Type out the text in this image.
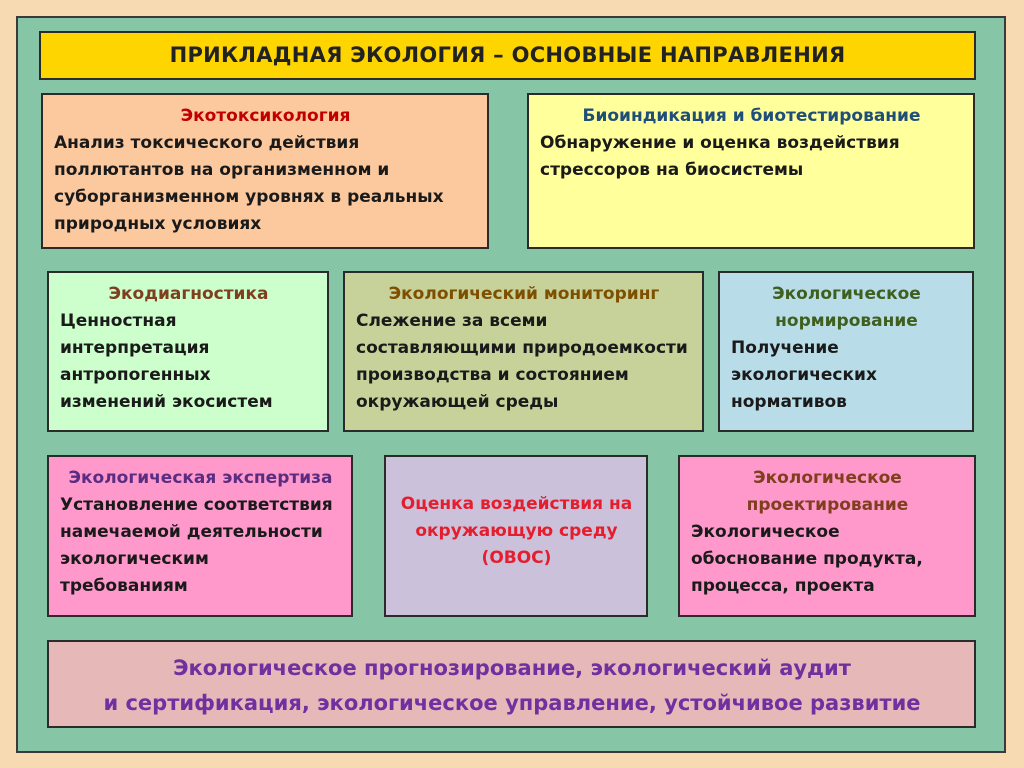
ПРИКЛАДНАЯ ЭКОЛОГИЯ – ОСНОВНЫЕ НАПРАВЛЕНИЯ
Экотоксикология
Анализ токсического действия
поллютантов на организменном и
суборганизменном уровнях в реальных
природных условиях
Биоиндикация и биотестирование
Обнаружение и оценка воздействия
стрессоров на биосистемы
Экодиагностика
Ценностная
интерпретация
антропогенных
изменений экосистем
Экологический мониторинг
Слежение за всеми
составляющими природоемкости
производства и состоянием
окружающей среды
Экологическое
нормирование
Получение
экологических
нормативов
Экологическая экспертиза
Установление соответствия
намечаемой деятельности
экологическим
требованиям
Оценка воздействия на
окружающую среду
(ОВОС)
Экологическое
проектирование
Экологическое
обоснование продукта,
процесса, проекта
Экологическое прогнозирование, экологический аудит
и сертификация, экологическое управление, устойчивое развитие
